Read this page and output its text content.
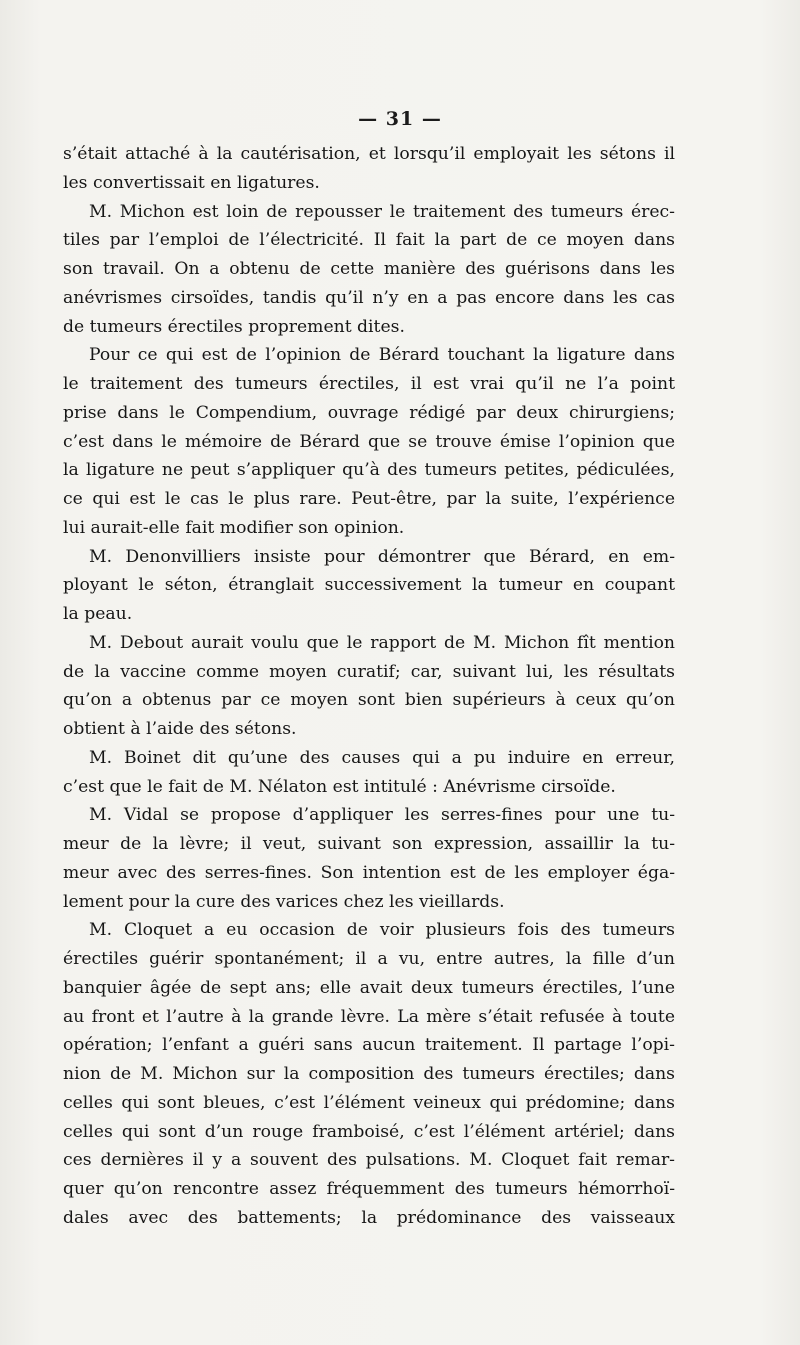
— 31 —
s’était attaché à la cautérisation, et lorsqu’il employait les sétons il
les convertissait en ligatures.
M. Michon est loin de repousser le traitement des tumeurs érec-
tiles par l’emploi de l’électricité. Il fait la part de ce moyen dans
son travail. On a obtenu de cette manière des guérisons dans les
anévrismes cirsoïdes, tandis qu’il n’y en a pas encore dans les cas
de tumeurs érectiles proprement dites.
Pour ce qui est de l’opinion de Bérard touchant la ligature dans
le traitement des tumeurs érectiles, il est vrai qu’il ne l’a point
prise dans le Compendium, ouvrage rédigé par deux chirurgiens;
c’est dans le mémoire de Bérard que se trouve émise l’opinion que
la ligature ne peut s’appliquer qu’à des tumeurs petites, pédiculées,
ce qui est le cas le plus rare. Peut-être, par la suite, l’expérience
lui aurait-elle fait modifier son opinion.
M. Denonvilliers insiste pour démontrer que Bérard, en em-
ployant le séton, étranglait successivement la tumeur en coupant
la peau.
M. Debout aurait voulu que le rapport de M. Michon fît mention
de la vaccine comme moyen curatif; car, suivant lui, les résultats
qu’on a obtenus par ce moyen sont bien supérieurs à ceux qu’on
obtient à l’aide des sétons.
M. Boinet dit qu’une des causes qui a pu induire en erreur,
c’est que le fait de M. Nélaton est intitulé : Anévrisme cirsoïde.
M. Vidal se propose d’appliquer les serres-fines pour une tu-
meur de la lèvre; il veut, suivant son expression, assaillir la tu-
meur avec des serres-fines. Son intention est de les employer éga-
lement pour la cure des varices chez les vieillards.
M. Cloquet a eu occasion de voir plusieurs fois des tumeurs
érectiles guérir spontanément; il a vu, entre autres, la fille d’un
banquier âgée de sept ans; elle avait deux tumeurs érectiles, l’une
au front et l’autre à la grande lèvre. La mère s’était refusée à toute
opération; l’enfant a guéri sans aucun traitement. Il partage l’opi-
nion de M. Michon sur la composition des tumeurs érectiles; dans
celles qui sont bleues, c’est l’élément veineux qui prédomine; dans
celles qui sont d’un rouge framboisé, c’est l’élément artériel; dans
ces dernières il y a souvent des pulsations. M. Cloquet fait remar-
quer qu’on rencontre assez fréquemment des tumeurs hémorrhoï-
dales avec des battements; la prédominance des vaisseaux
